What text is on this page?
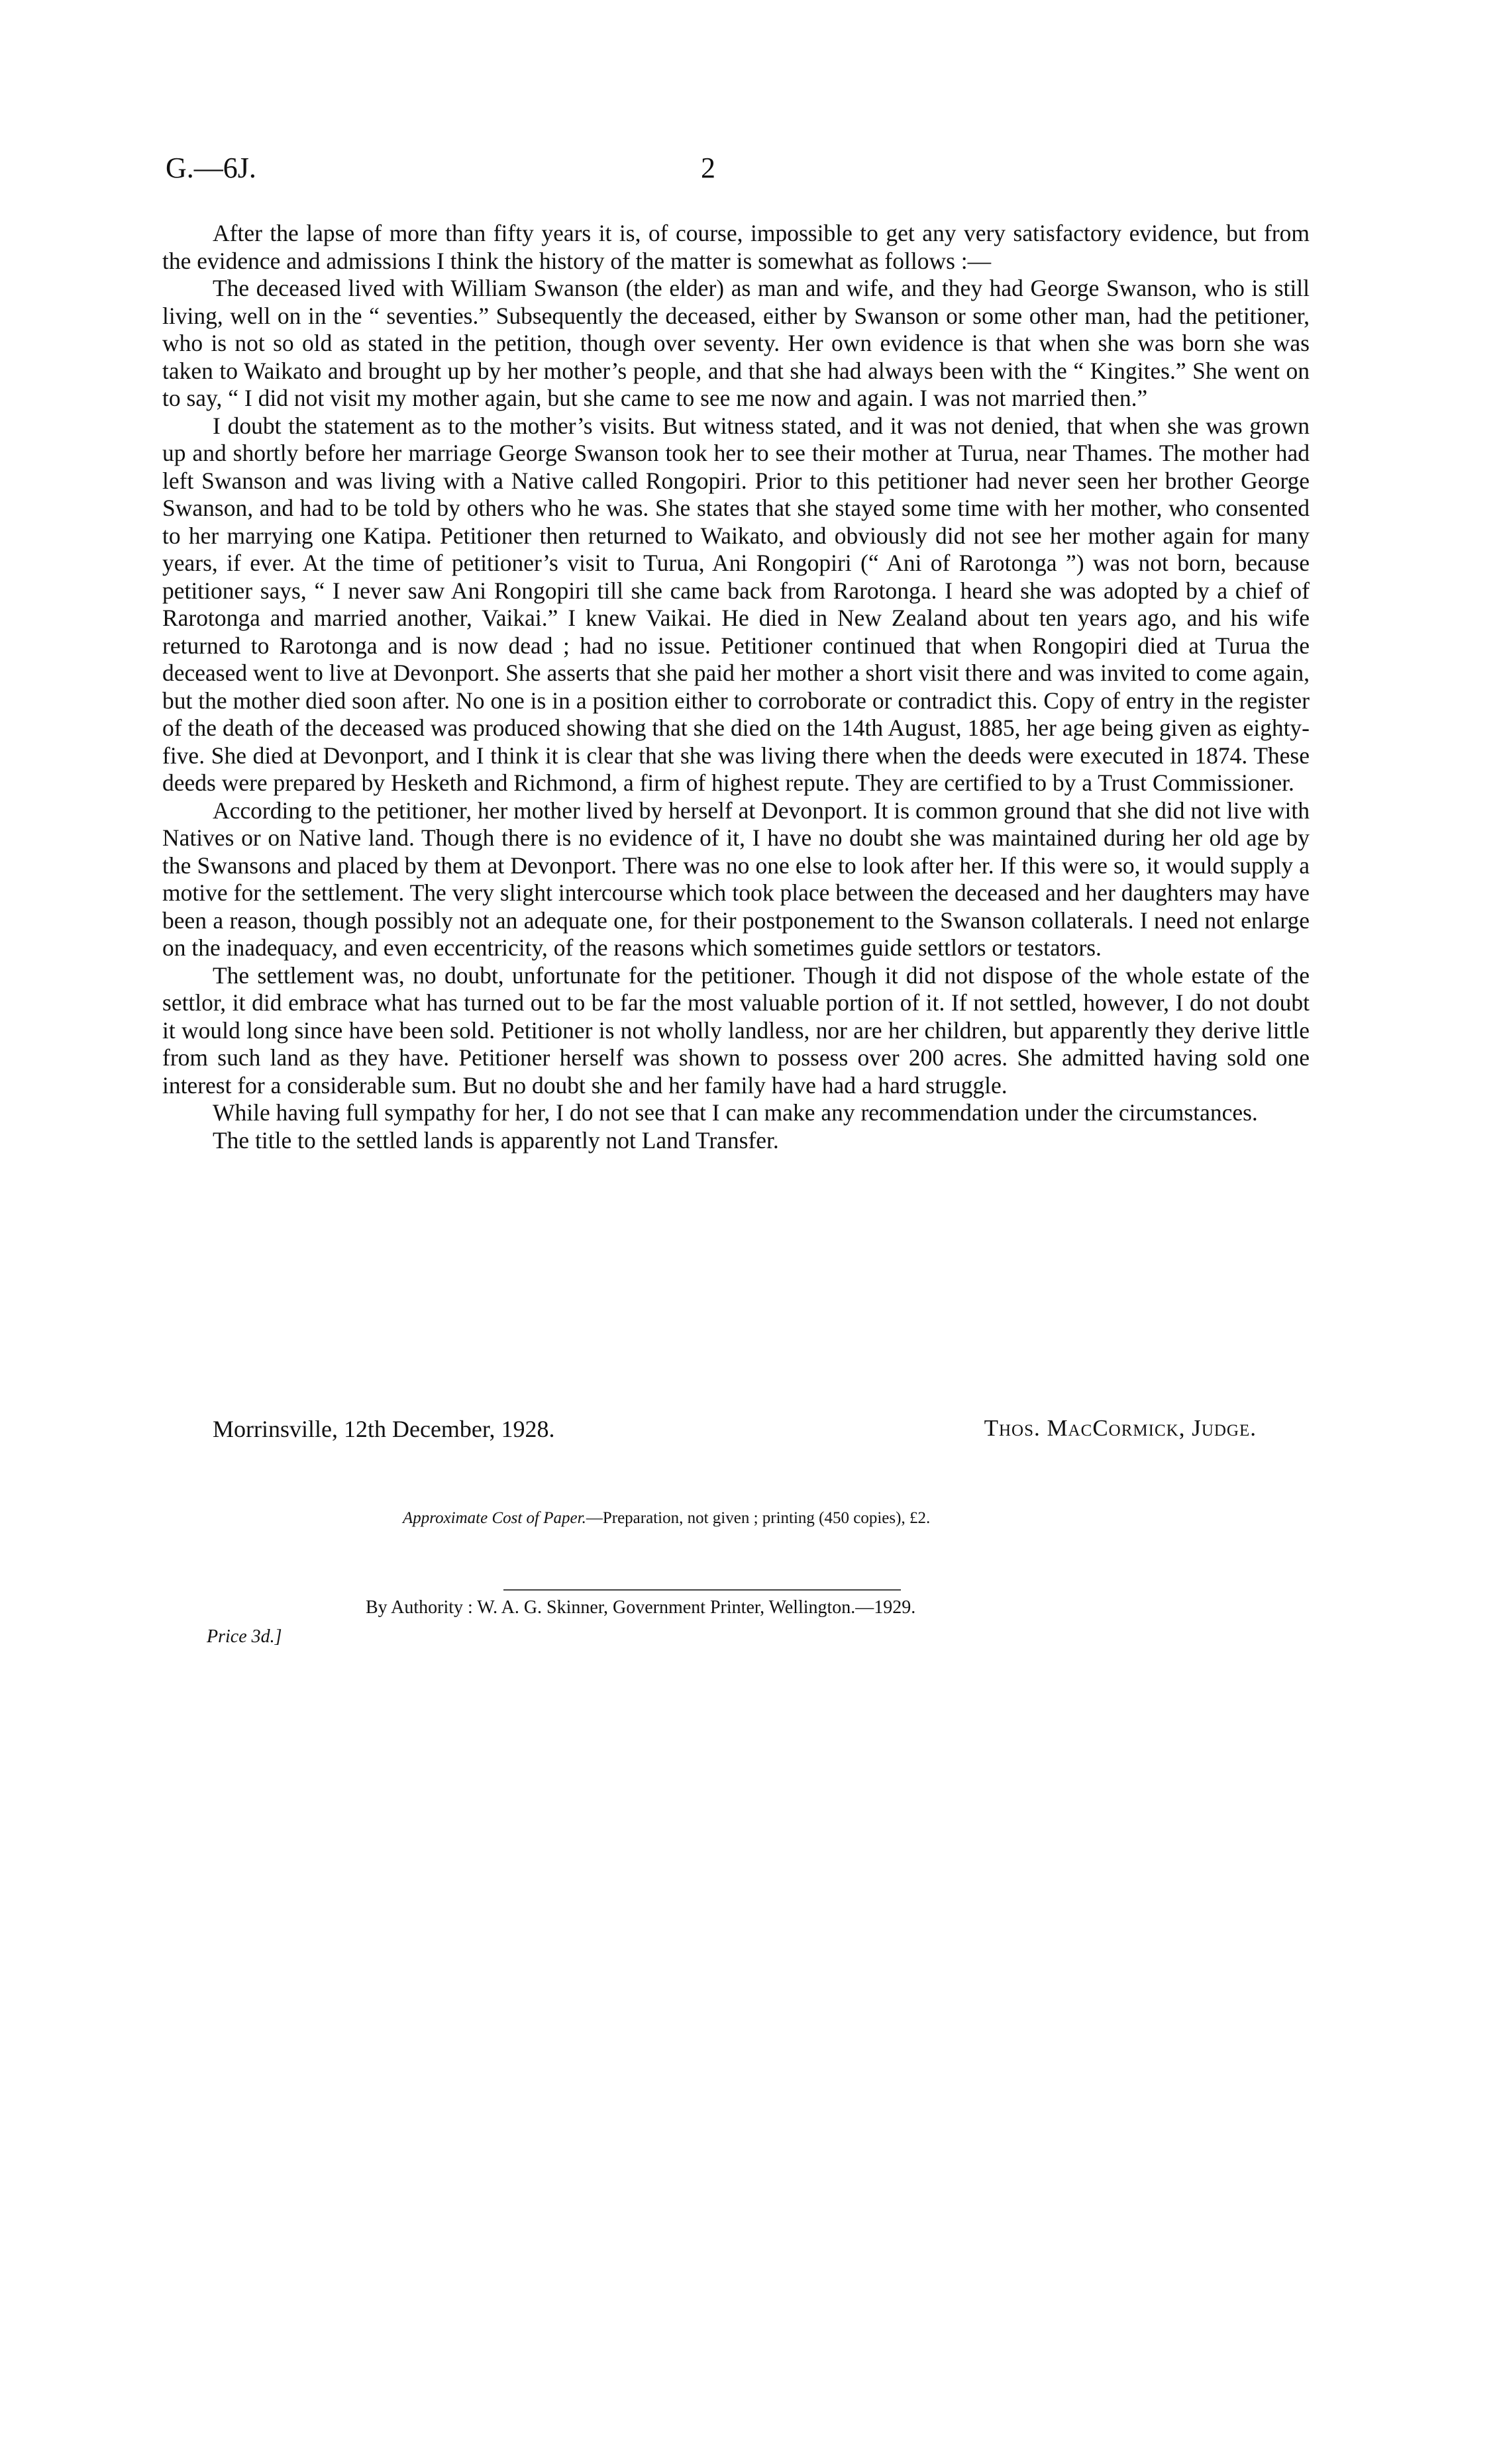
G.—6J.	2

After the lapse of more than fifty years it is, of course, impossible to get any very satisfactory evidence, but from the evidence and admissions I think the history of the matter is somewhat as follows :—

The deceased lived with William Swanson (the elder) as man and wife, and they had George Swanson, who is still living, well on in the “ seventies.” Subsequently the deceased, either by Swanson or some other man, had the petitioner, who is not so old as stated in the petition, though over seventy. Her own evidence is that when she was born she was taken to Waikato and brought up by her mother’s people, and that she had always been with the “ Kingites.” She went on to say, “ I did not visit my mother again, but she came to see me now and again. I was not married then.”

I doubt the statement as to the mother’s visits. But witness stated, and it was not denied, that when she was grown up and shortly before her marriage George Swanson took her to see their mother at Turua, near Thames. The mother had left Swanson and was living with a Native called Rongopiri. Prior to this petitioner had never seen her brother George Swanson, and had to be told by others who he was. She states that she stayed some time with her mother, who consented to her marrying one Katipa. Petitioner then returned to Waikato, and obviously did not see her mother again for many years, if ever. At the time of petitioner’s visit to Turua, Ani Rongopiri (“ Ani of Rarotonga ”) was not born, because petitioner says, “ I never saw Ani Rongopiri till she came back from Rarotonga. I heard she was adopted by a chief of Rarotonga and married another, Vaikai.” I knew Vaikai. He died in New Zealand about ten years ago, and his wife returned to Rarotonga and is now dead ; had no issue. Petitioner continued that when Rongopiri died at Turua the deceased went to live at Devonport. She asserts that she paid her mother a short visit there and was invited to come again, but the mother died soon after. No one is in a position either to corroborate or contradict this. Copy of entry in the register of the death of the deceased was produced showing that she died on the 14th August, 1885, her age being given as eighty-five. She died at Devonport, and I think it is clear that she was living there when the deeds were executed in 1874. These deeds were prepared by Hesketh and Richmond, a firm of highest repute. They are certified to by a Trust Commissioner.

According to the petitioner, her mother lived by herself at Devonport. It is common ground that she did not live with Natives or on Native land. Though there is no evidence of it, I have no doubt she was maintained during her old age by the Swansons and placed by them at Devonport. There was no one else to look after her. If this were so, it would supply a motive for the settlement. The very slight intercourse which took place between the deceased and her daughters may have been a reason, though possibly not an adequate one, for their postponement to the Swanson collaterals. I need not enlarge on the inadequacy, and even eccentricity, of the reasons which sometimes guide settlors or testators.

The settlement was, no doubt, unfortunate for the petitioner. Though it did not dispose of the whole estate of the settlor, it did embrace what has turned out to be far the most valuable portion of it. If not settled, however, I do not doubt it would long since have been sold. Petitioner is not wholly landless, nor are her children, but apparently they derive little from such land as they have. Petitioner herself was shown to possess over 200 acres. She admitted having sold one interest for a considerable sum. But no doubt she and her family have had a hard struggle.

While having full sympathy for her, I do not see that I can make any recommendation under the circumstances.

The title to the settled lands is apparently not Land Transfer.

Morrinsville, 12th December, 1928.	Thos. MacCormick, Judge.
Approximate Cost of Paper.—Preparation, not given ; printing (450 copies), £2.
By Authority : W. A. G. Skinner, Government Printer, Wellington.—1929.
Price 3d.]
